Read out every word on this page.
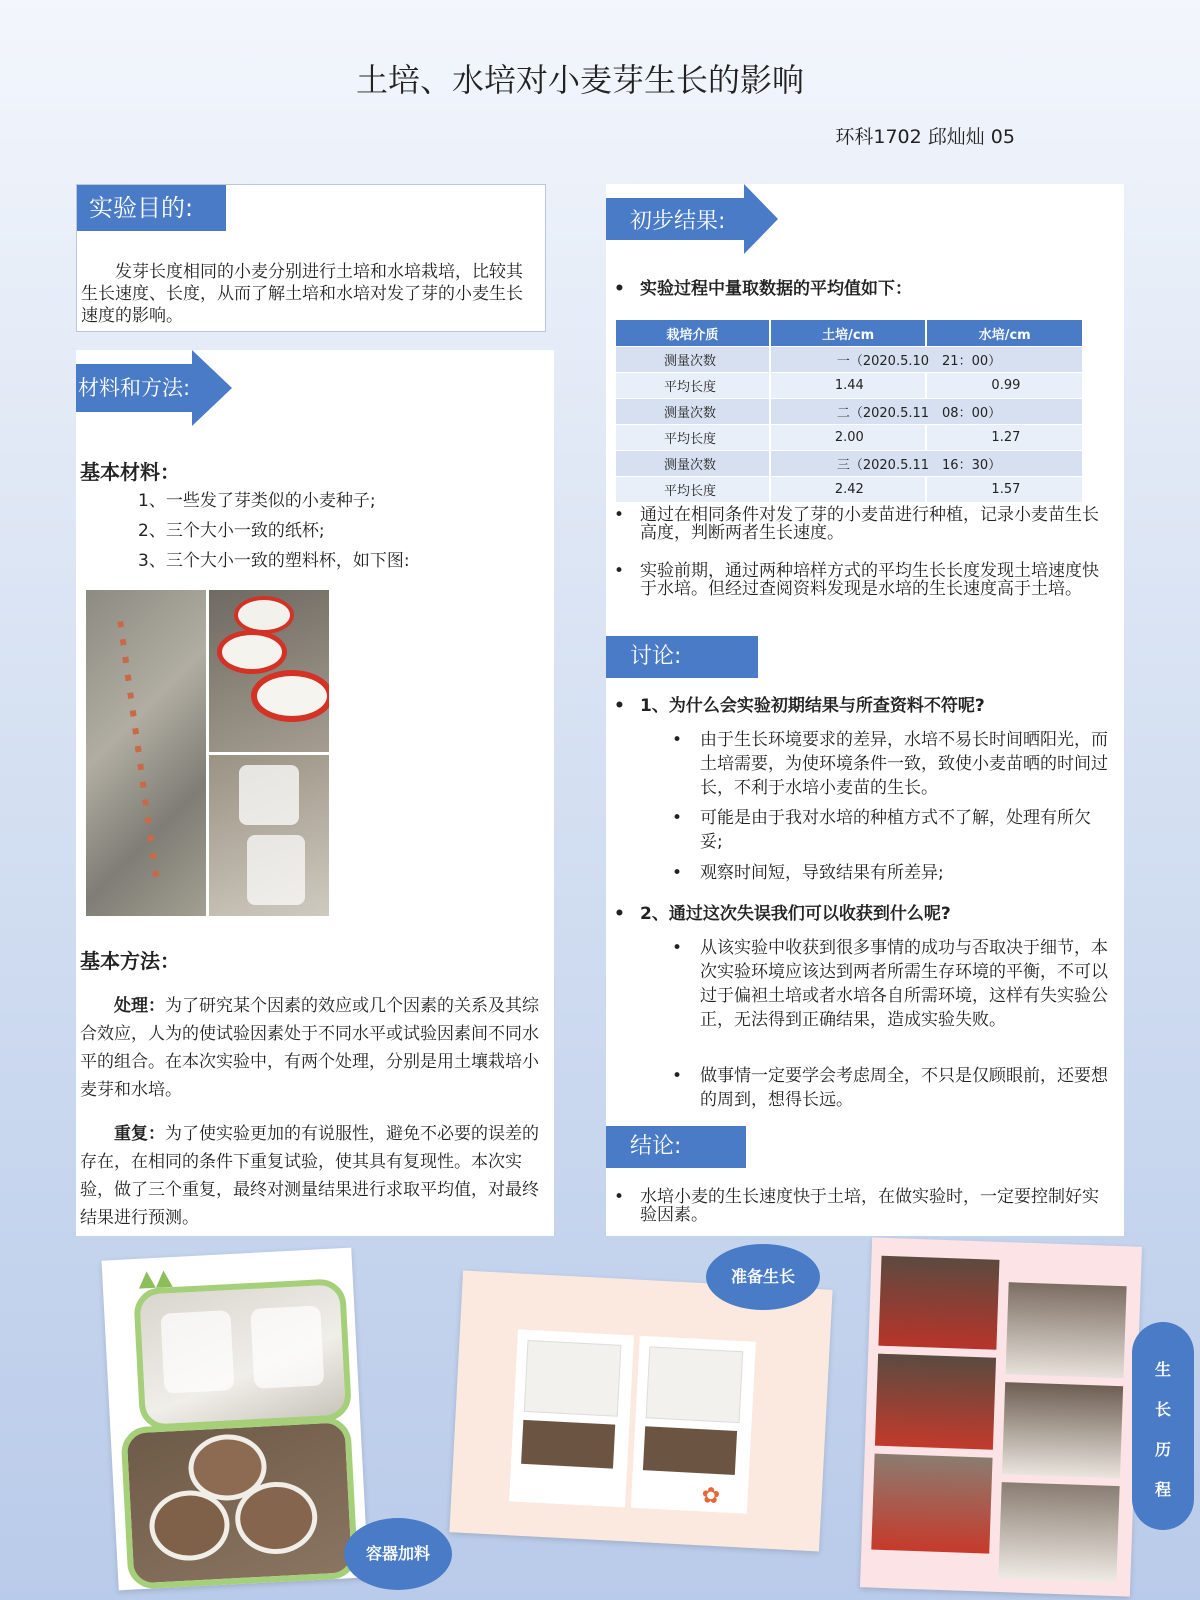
土培、水培对小麦芽生长的影响
环科1702 邱灿灿 05
实验目的:
发芽长度相同的小麦分别进行土培和水培栽培，比较其生长速度、长度，从而了解土培和水培对发了芽的小麦生长速度的影响。
材料和方法:
基本材料：
1、一些发了芽类似的小麦种子;
2、三个大小一致的纸杯;
3、三个大小一致的塑料杯，如下图:
基本方法：
处理：为了研究某个因素的效应或几个因素的关系及其综合效应，人为的使试验因素处于不同水平或试验因素间不同水平的组合。在本次实验中，有两个处理，分别是用土壤栽培小麦芽和水培。
重复：为了使实验更加的有说服性，避免不必要的误差的存在，在相同的条件下重复试验，使其具有复现性。本次实验，做了三个重复，最终对测量结果进行求取平均值，对最终结果进行预测。
初步结果:
• 实验过程中量取数据的平均值如下：
栽培介质	土培/cm	水培/cm
测量次数	一（2020.5.10　21：00）	
平均长度	1.44	0.99
测量次数	二（2020.5.11　08：00）	
平均长度	2.00	1.27
测量次数	三（2020.5.11　16：30）	
平均长度	2.42	1.57
• 通过在相同条件对发了芽的小麦苗进行种植，记录小麦苗生长高度，判断两者生长速度。
• 实验前期，通过两种培样方式的平均生长长度发现土培速度快于水培。但经过查阅资料发现是水培的生长速度高于土培。
讨论:
• 1、为什么会实验初期结果与所查资料不符呢?
• 由于生长环境要求的差异，水培不易长时间晒阳光，而土培需要，为使环境条件一致，致使小麦苗晒的时间过长，不利于水培小麦苗的生长。
• 可能是由于我对水培的种植方式不了解，处理有所欠妥;
• 观察时间短，导致结果有所差异;
• 2、通过这次失误我们可以收获到什么呢?
• 从该实验中收获到很多事情的成功与否取决于细节，本次实验环境应该达到两者所需生存环境的平衡，不可以过于偏袒土培或者水培各自所需环境，这样有失实验公正，无法得到正确结果，造成实验失败。
• 做事情一定要学会考虑周全，不只是仅顾眼前，还要想的周到，想得长远。
结论:
• 水培小麦的生长速度快于土培，在做实验时，一定要控制好实验因素。
▲▲
容器加料
✿
准备生长
生
长
历
程
